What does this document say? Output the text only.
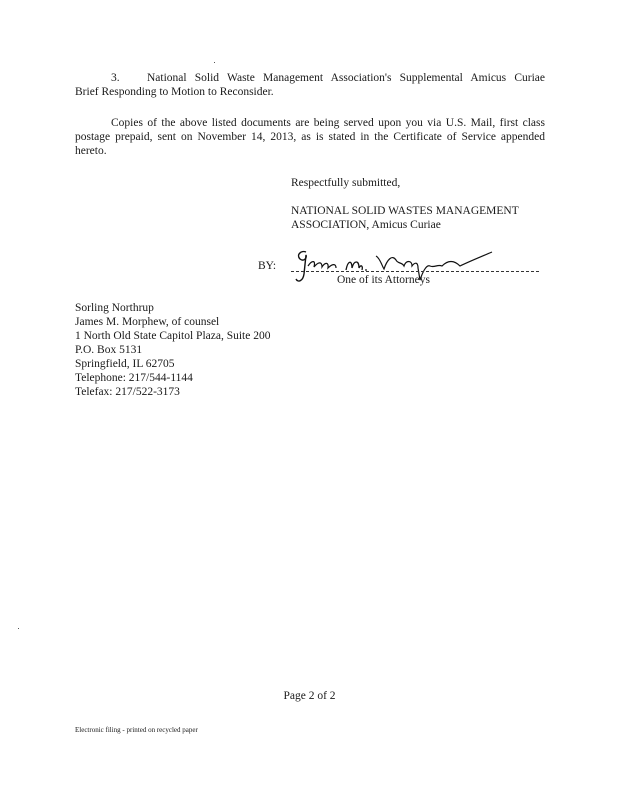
3. National Solid Waste Management Association's Supplemental Amicus Curiae
Brief Responding to Motion to Reconsider.
Copies of the above listed documents are being served upon you via U.S. Mail, first class
postage prepaid, sent on November 14, 2013, as is stated in the Certificate of Service appended
hereto.
Respectfully submitted,
NATIONAL SOLID WASTES MANAGEMENT
ASSOCIATION, Amicus Curiae
BY:
One of its Attorneys
Sorling Northrup
James M. Morphew, of counsel
1 North Old State Capitol Plaza, Suite 200
P.O. Box 5131
Springfield, IL 62705
Telephone: 217/544-1144
Telefax: 217/522-3173
Page 2 of 2
Electronic filing - printed on recycled paper
